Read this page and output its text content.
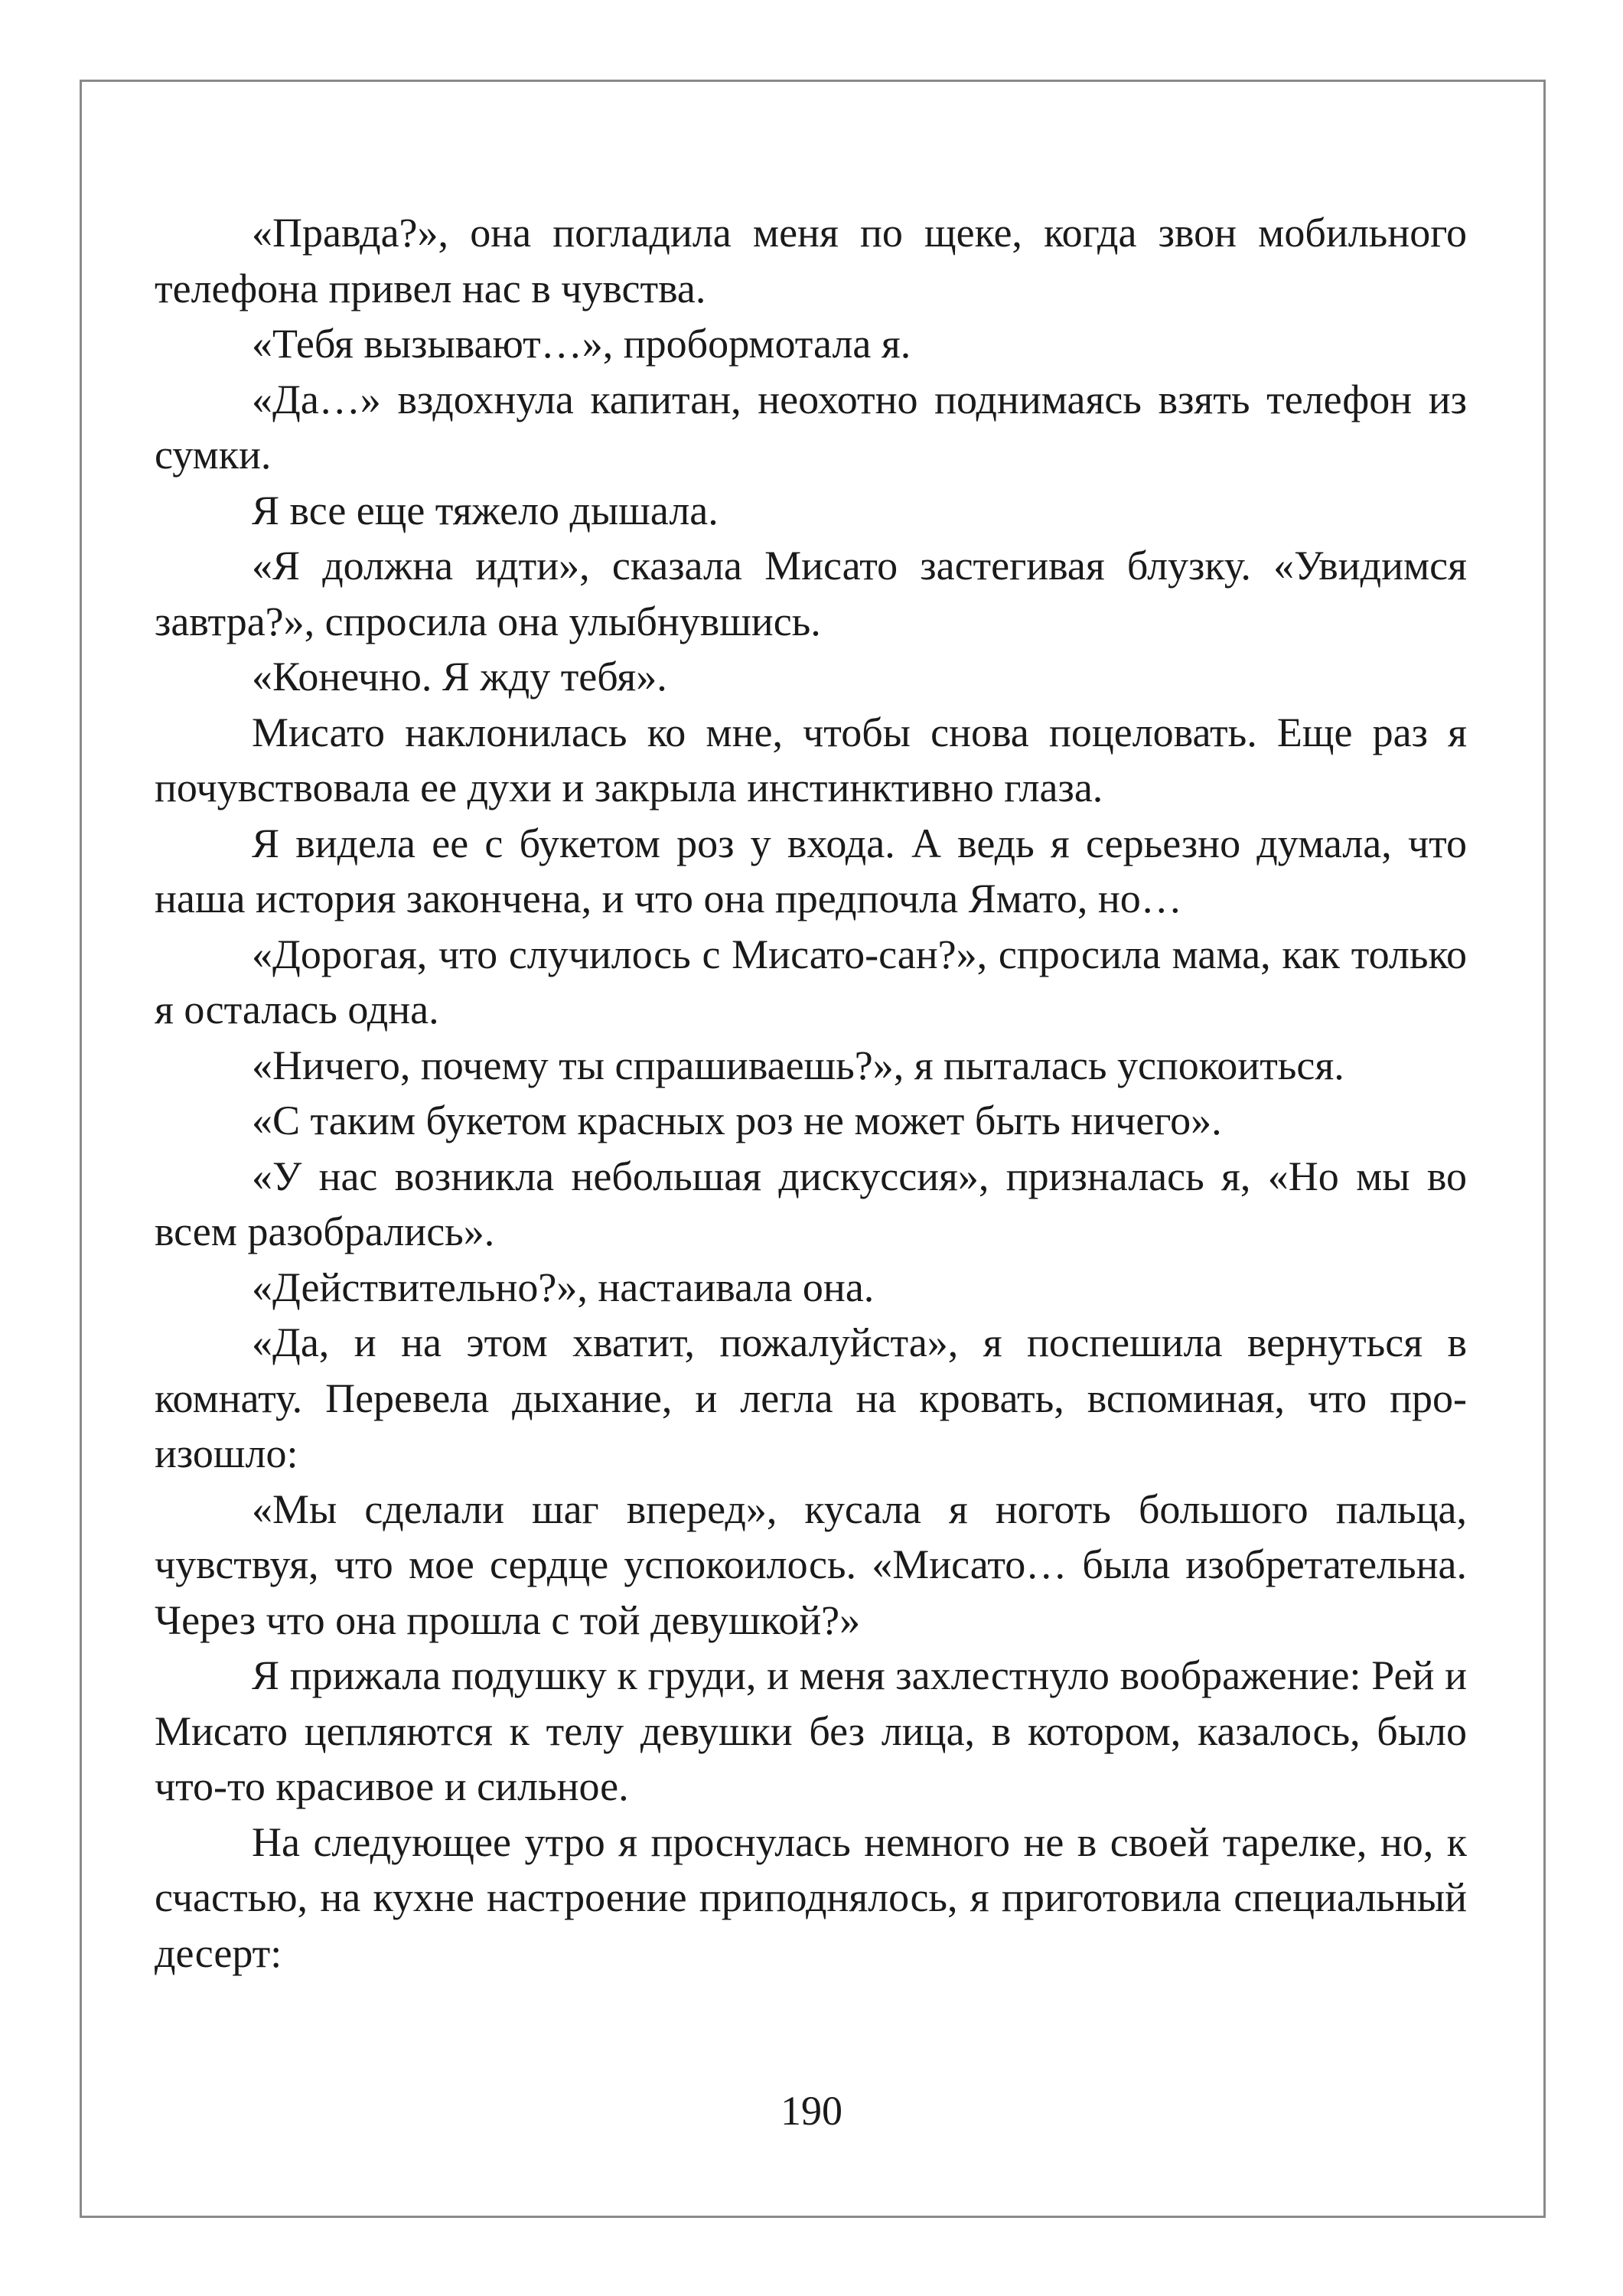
«Правда?», она погладила меня по щеке, когда звон мобильного телефона привел нас в чувства.

«Тебя вызывают…», пробормотала я.

«Да…» вздохнула капитан, неохотно поднимаясь взять телефон из сумки.

Я все еще тяжело дышала.

«Я должна идти», сказала Мисато застегивая блузку. «Увидимся завтра?», спросила она улыбнувшись.

«Конечно. Я жду тебя».

Мисато наклонилась ко мне, чтобы снова поцеловать. Еще раз я почувствовала ее духи и закрыла инстинктивно глаза.

Я видела ее с букетом роз у входа. А ведь я серьезно думала, что наша история закончена, и что она предпочла Ямато, но…

«Дорогая, что случилось с Мисато-сан?», спросила мама, как только я осталась одна.

«Ничего, почему ты спрашиваешь?», я пыталась успокоиться.

«С таким букетом красных роз не может быть ничего».

«У нас возникла небольшая дискуссия», призналась я, «Но мы во всем разобрались».

«Действительно?», настаивала она.

«Да, и на этом хватит, пожалуйста», я поспешила вернуться в комнату. Перевела дыхание, и легла на кровать, вспоминая, что произошло:

«Мы сделали шаг вперед», кусала я ноготь большого пальца, чувствуя, что мое сердце успокоилось. «Мисато… была изобретательна. Через что она прошла с той девушкой?»

Я прижала подушку к груди, и меня захлестнуло воображение: Рей и Мисато цепляются к телу девушки без лица, в котором, казалось, было что-то красивое и сильное.

На следующее утро я проснулась немного не в своей тарелке, но, к счастью, на кухне настроение приподнялось, я приготовила специальный десерт:

190
